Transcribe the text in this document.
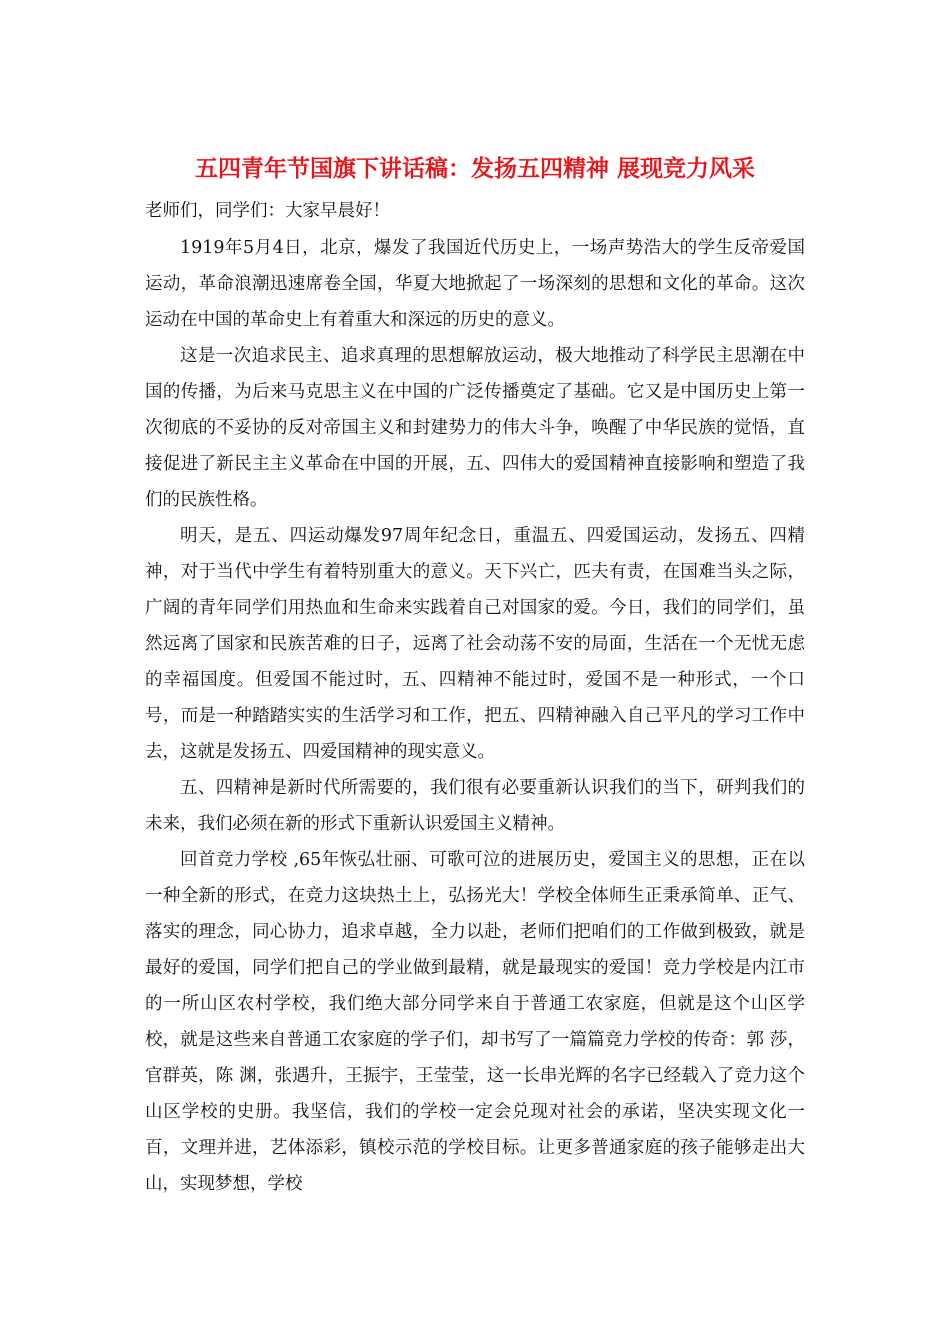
五四青年节国旗下讲话稿：发扬五四精神 展现竞力风采
老师们，同学们：大家早晨好！

1919年5月4日，北京，爆发了我国近代历史上，一场声势浩大的学生反帝爱国运动，革命浪潮迅速席卷全国，华夏大地掀起了一场深刻的思想和文化的革命。这次运动在中国的革命史上有着重大和深远的历史的意义。

这是一次追求民主、追求真理的思想解放运动，极大地推动了科学民主思潮在中国的传播，为后来马克思主义在中国的广泛传播奠定了基础。它又是中国历史上第一次彻底的不妥协的反对帝国主义和封建势力的伟大斗争，唤醒了中华民族的觉悟，直接促进了新民主主义革命在中国的开展，五、四伟大的爱国精神直接影响和塑造了我们的民族性格。

明天，是五、四运动爆发97周年纪念日，重温五、四爱国运动，发扬五、四精神，对于当代中学生有着特别重大的意义。天下兴亡，匹夫有责，在国难当头之际，广阔的青年同学们用热血和生命来实践着自己对国家的爱。今日，我们的同学们，虽然远离了国家和民族苦难的日子，远离了社会动荡不安的局面，生活在一个无忧无虑的幸福国度。但爱国不能过时，五、四精神不能过时，爱国不是一种形式，一个口号，而是一种踏踏实实的生活学习和工作，把五、四精神融入自己平凡的学习工作中去，这就是发扬五、四爱国精神的现实意义。

五、四精神是新时代所需要的，我们很有必要重新认识我们的当下，研判我们的未来，我们必须在新的形式下重新认识爱国主义精神。

回首竞力学校 ,65年恢弘壮丽、可歌可泣的进展历史，爱国主义的思想，正在以一种全新的形式，在竞力这块热土上，弘扬光大！学校全体师生正秉承简单、正气、落实的理念，同心协力，追求卓越，全力以赴，老师们把咱们的工作做到极致，就是最好的爱国，同学们把自己的学业做到最精，就是最现实的爱国！竞力学校是内江市的一所山区农村学校，我们绝大部分同学来自于普通工农家庭，但就是这个山区学校，就是这些来自普通工农家庭的学子们，却书写了一篇篇竞力学校的传奇：郭 莎，官群英，陈 渊，张遇升，王振宇，王莹莹，这一长串光辉的名字已经载入了竞力这个山区学校的史册。我坚信，我们的学校一定会兑现对社会的承诺，坚决实现文化一百，文理并进，艺体添彩，镇校示范的学校目标。让更多普通家庭的孩子能够走出大山，实现梦想，学校
